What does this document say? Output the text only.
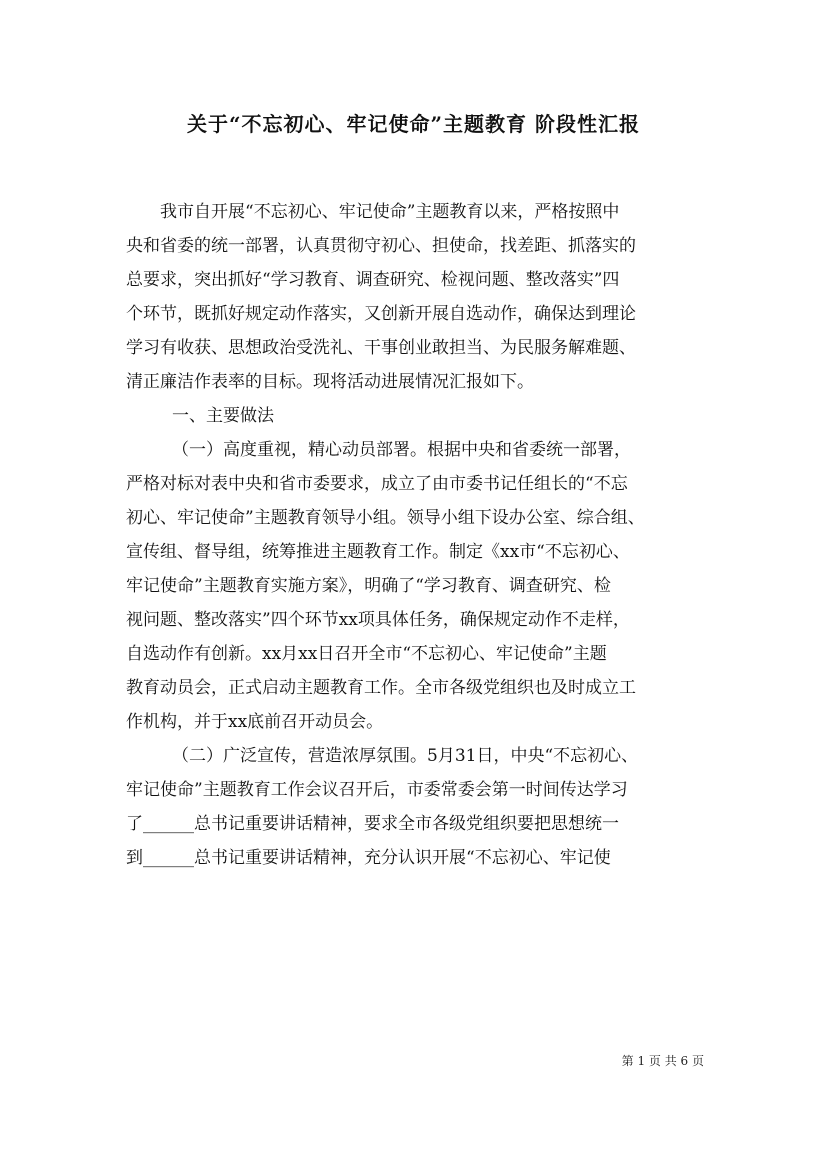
关于“不忘初心、牢记使命”主题教育 阶段性汇报
我市自开展“不忘初心、牢记使命”主题教育以来，严格按照中
央和省委的统一部署，认真贯彻守初心、担使命，找差距、抓落实的
总要求，突出抓好“学习教育、调查研究、检视问题、整改落实”四
个环节，既抓好规定动作落实，又创新开展自选动作，确保达到理论
学习有收获、思想政治受洗礼、干事创业敢担当、为民服务解难题、
清正廉洁作表率的目标。现将活动进展情况汇报如下。
一、主要做法
（一）高度重视，精心动员部署。根据中央和省委统一部署，
严格对标对表中央和省市委要求，成立了由市委书记任组长的“不忘
初心、牢记使命”主题教育领导小组。领导小组下设办公室、综合组、
宣传组、督导组，统筹推进主题教育工作。制定《xx市“不忘初心、
牢记使命”主题教育实施方案》，明确了“学习教育、调查研究、检
视问题、整改落实”四个环节xx项具体任务，确保规定动作不走样，
自选动作有创新。xx月xx日召开全市“不忘初心、牢记使命”主题
教育动员会，正式启动主题教育工作。全市各级党组织也及时成立工
作机构，并于xx底前召开动员会。
（二）广泛宣传，营造浓厚氛围。5月31日，中央“不忘初心、
牢记使命”主题教育工作会议召开后，市委常委会第一时间传达学习
了______总书记重要讲话精神，要求全市各级党组织要把思想统一
到______总书记重要讲话精神，充分认识开展“不忘初心、牢记使
第 1 页 共 6 页
